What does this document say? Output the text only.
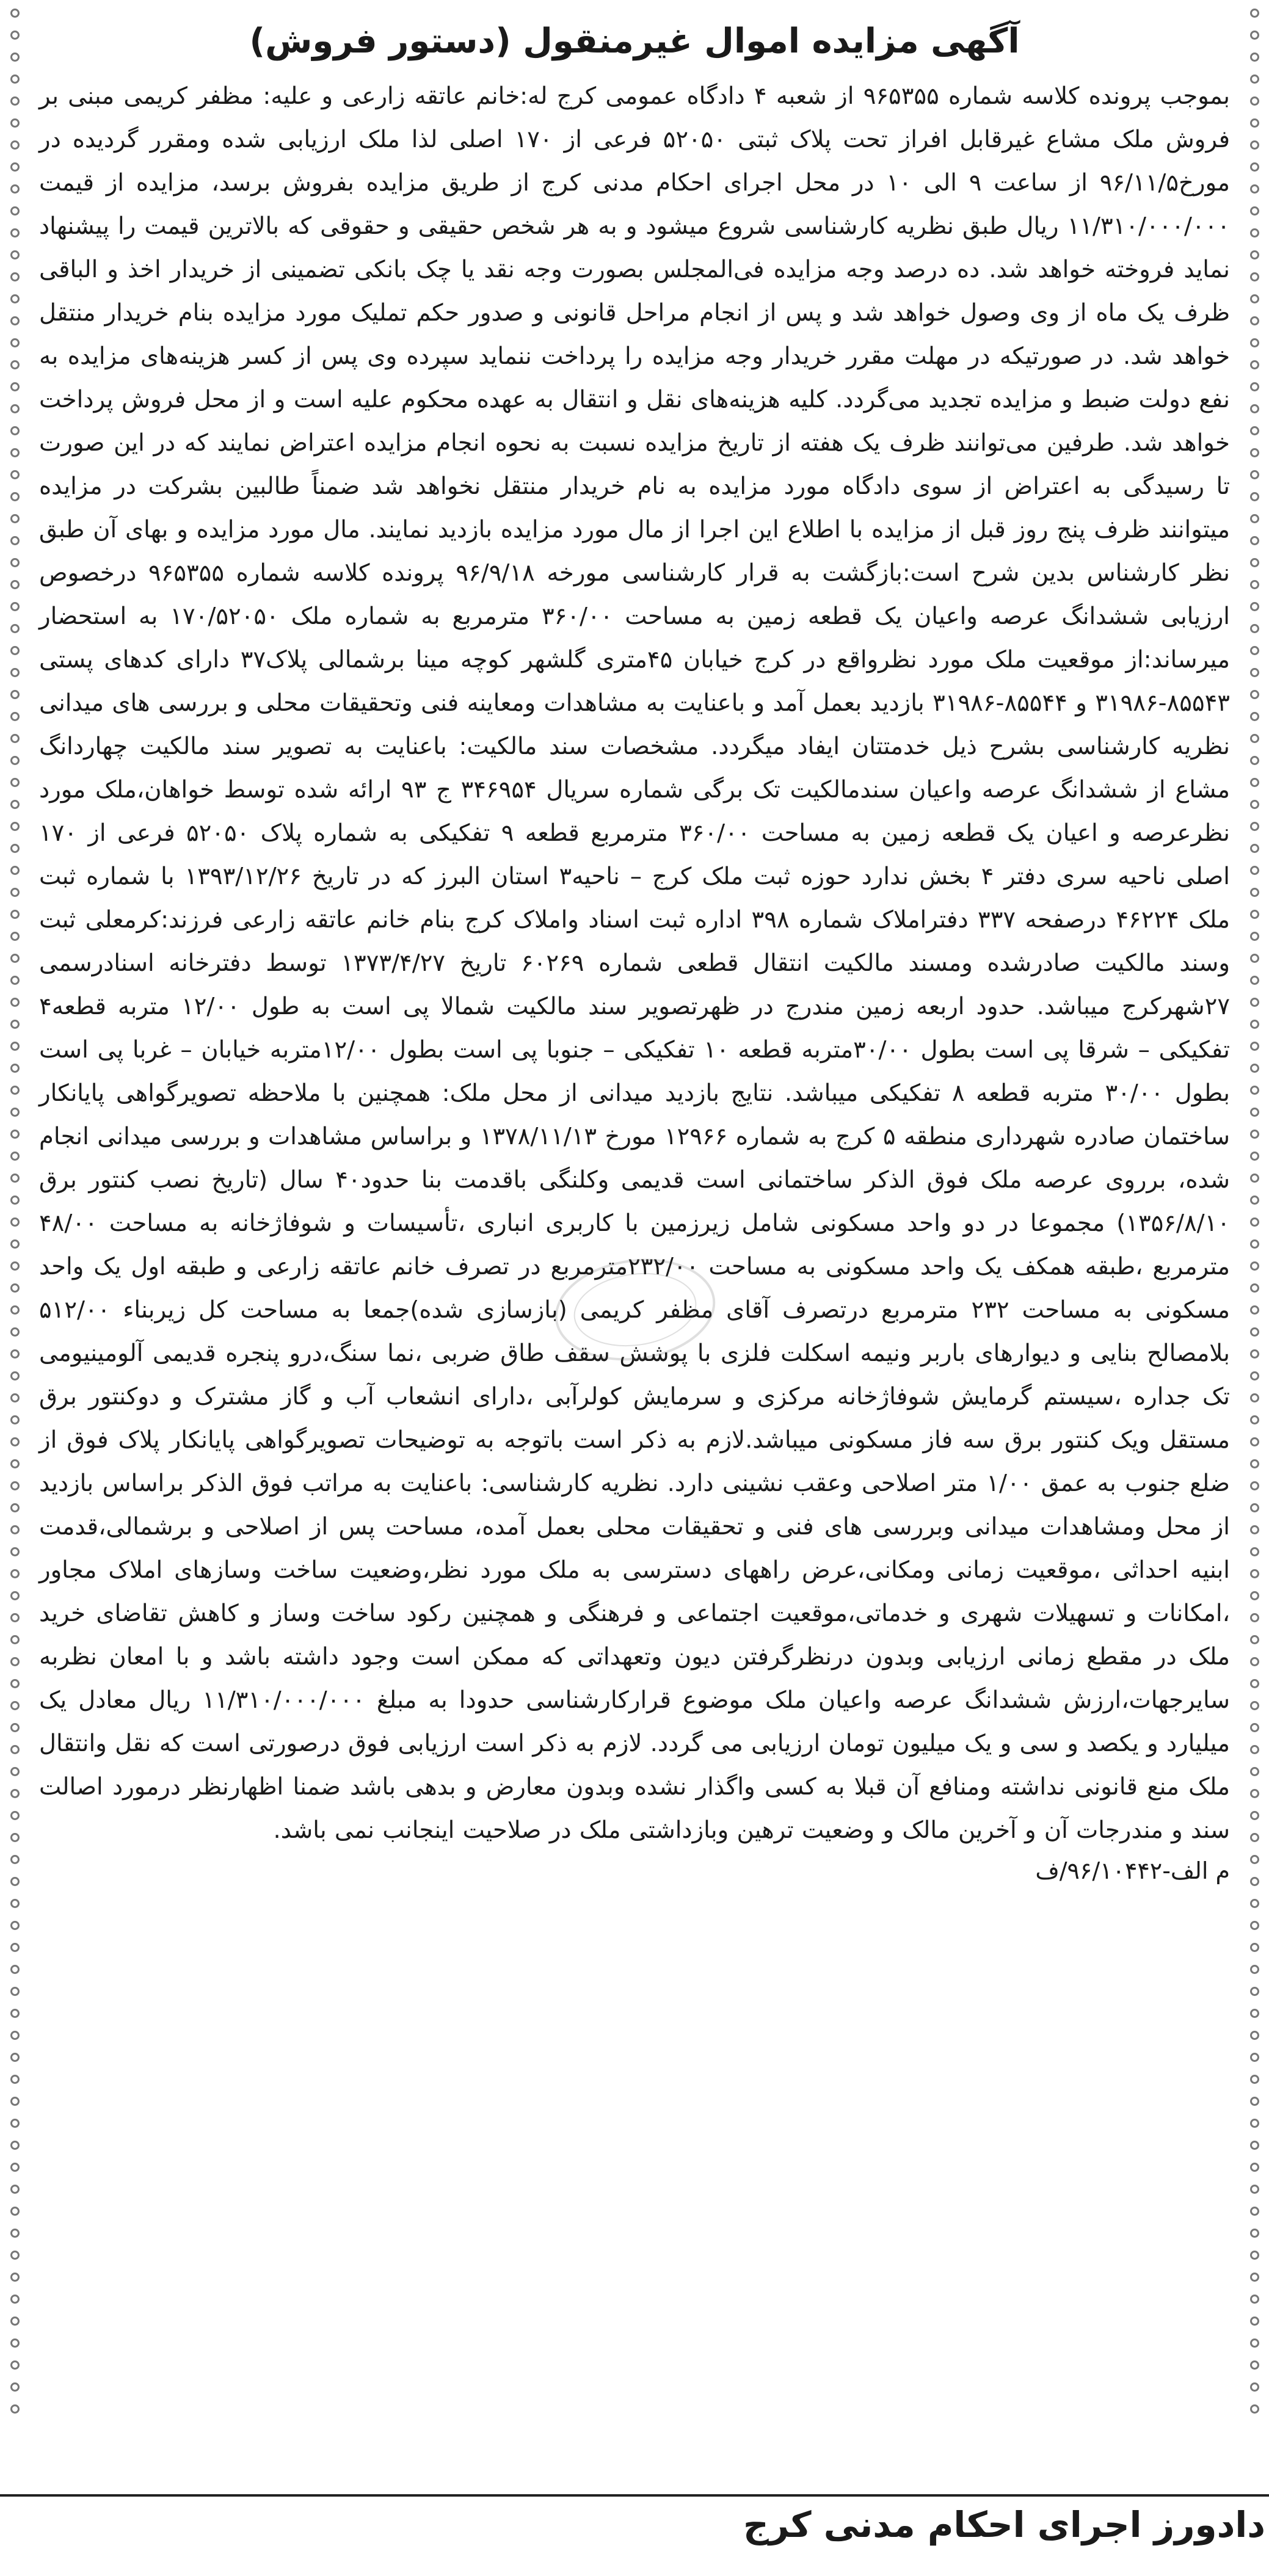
آگهی مزایده اموال غیرمنقول (دستور فروش)
بموجب پرونده کلاسه شماره ۹۶۵۳۵۵ از شعبه ۴ دادگاه عمومی کرج له:خانم عاتقه زارعی و علیه: مظفر کریمی مبنی بر فروش ملک مشاع غیرقابل افراز تحت پلاک ثبتی ۵۲۰۵۰ فرعی از ۱۷۰ اصلی لذا ملک ارزیابی شده ومقرر گردیده در مورخ۹۶/۱۱/۵ از ساعت ۹ الی ۱۰ در محل اجرای احکام مدنی کرج از طریق مزایده بفروش برسد، مزایده از قیمت ۱۱/۳۱۰/۰۰۰/۰۰۰ ریال طبق نظریه کارشناسی شروع میشود و به هر شخص حقیقی و حقوقی که بالاترین قیمت را پیشنهاد نماید فروخته خواهد شد. ده درصد وجه مزایده فی‌المجلس بصورت وجه نقد یا چک بانکی تضمینی از خریدار اخذ و الباقی ظرف یک ماه از وی وصول خواهد شد و پس از انجام مراحل قانونی و صدور حکم تملیک مورد مزایده بنام خریدار منتقل خواهد شد. در صورتیکه در مهلت مقرر خریدار وجه مزایده را پرداخت ننماید سپرده وی پس از کسر هزینه‌های مزایده به نفع دولت ضبط و مزایده تجدید می‌گردد. کلیه هزینه‌های نقل و انتقال به عهده محکوم علیه است و از محل فروش پرداخت خواهد شد. طرفین می‌توانند ظرف یک هفته از تاریخ مزایده نسبت به نحوه انجام مزایده اعتراض نمایند که در این صورت تا رسیدگی به اعتراض از سوی دادگاه مورد مزایده به نام خریدار منتقل نخواهد شد ضمناً طالبین بشرکت در مزایده میتوانند ظرف پنج روز قبل از مزایده با اطلاع این اجرا از مال مورد مزایده بازدید نمایند. مال مورد مزایده و بهای آن طبق نظر کارشناس بدین شرح است:بازگشت به قرار کارشناسی مورخه ۹۶/۹/۱۸ پرونده کلاسه شماره ۹۶۵۳۵۵ درخصوص ارزیابی ششدانگ عرصه واعیان یک قطعه زمین به مساحت ۳۶۰/۰۰ مترمربع به شماره ملک ۱۷۰/۵۲۰۵۰ به استحضار میرساند:از موقعیت ملک مورد نظرواقع در کرج خیابان ۴۵متری گلشهر کوچه مینا برشمالی پلاک۳۷ دارای کدهای پستی ۸۵۵۴۳-۳۱۹۸۶ و ۸۵۵۴۴-۳۱۹۸۶ بازدید بعمل آمد و باعنایت به مشاهدات ومعاینه فنی وتحقیقات محلی و بررسی های میدانی نظریه کارشناسی بشرح ذیل خدمتتان ایفاد میگردد. مشخصات سند مالکیت: باعنایت به تصویر سند مالکیت چهاردانگ مشاع از ششدانگ عرصه واعیان سندمالکیت تک برگی شماره سریال ۳۴۶۹۵۴ ج ۹۳ ارائه شده توسط خواهان،ملک مورد نظرعرصه و اعیان یک قطعه زمین به مساحت ۳۶۰/۰۰ مترمربع قطعه ۹ تفکیکی به شماره پلاک ۵۲۰۵۰ فرعی از ۱۷۰ اصلی ناحیه سری دفتر ۴ بخش ندارد حوزه ثبت ملک کرج – ناحیه۳ استان البرز که در تاریخ ۱۳۹۳/۱۲/۲۶ با شماره ثبت ملک ۴۶۲۲۴ درصفحه ۳۳۷ دفتراملاک شماره ۳۹۸ اداره ثبت اسناد واملاک کرج بنام خانم عاتقه زارعی فرزند:کرمعلی ثبت وسند مالکیت صادرشده ومسند مالکیت انتقال قطعی شماره ۶۰۲۶۹ تاریخ ۱۳۷۳/۴/۲۷ توسط دفترخانه اسنادرسمی ۲۷شهرکرج میباشد. حدود اربعه زمین مندرج در ظهرتصویر سند مالکیت شمالا پی است به طول ۱۲/۰۰ متربه قطعه۴ تفکیکی – شرقا پی است بطول ۳۰/۰۰متربه قطعه ۱۰ تفکیکی – جنوبا پی است بطول ۱۲/۰۰متربه خیابان – غربا پی است بطول ۳۰/۰۰ متربه قطعه ۸ تفکیکی میباشد. نتایج بازدید میدانی از محل ملک: همچنین با ملاحظه تصویرگواهی پایانکار ساختمان صادره شهرداری منطقه ۵ کرج به شماره ۱۲۹۶۶ مورخ ۱۳۷۸/۱۱/۱۳ و براساس مشاهدات و بررسی میدانی انجام شده، برروی عرصه ملک فوق الذکر ساختمانی است قدیمی وکلنگی باقدمت بنا حدود۴۰ سال (تاریخ نصب کنتور برق ۱۳۵۶/۸/۱۰) مجموعا در دو واحد مسکونی شامل زیرزمین با کاربری انباری ،تأسیسات و شوفاژخانه به مساحت ۴۸/۰۰ مترمربع ،طبقه همکف یک واحد مسکونی به مساحت ۲۳۲/۰۰مترمربع در تصرف خانم عاتقه زارعی و طبقه اول یک واحد مسکونی به مساحت ۲۳۲ مترمربع درتصرف آقای مظفر کریمی (بازسازی شده)جمعا به مساحت کل زیربناء ۵۱۲/۰۰ بلامصالح بنایی و دیوارهای باربر ونیمه اسکلت فلزی با پوشش سقف طاق ضربی ،نما سنگ،درو پنجره قدیمی آلومینیومی تک جداره ،سیستم گرمایش شوفاژخانه مرکزی و سرمایش کولرآبی ،دارای انشعاب آب و گاز مشترک و دوکنتور برق مستقل ویک کنتور برق سه فاز مسکونی میباشد.لازم به ذکر است باتوجه به توضیحات تصویرگواهی پایانکار پلاک فوق از ضلع جنوب به عمق ۱/۰۰ متر اصلاحی وعقب نشینی دارد. نظریه کارشناسی: باعنایت به مراتب فوق الذکر براساس بازدید از محل ومشاهدات میدانی وبررسی های فنی و تحقیقات محلی بعمل آمده، مساحت پس از اصلاحی و برشمالی،قدمت ابنیه احداثی ،موقعیت زمانی ومکانی،عرض راههای دسترسی به ملک مورد نظر،وضعیت ساخت وسازهای املاک مجاور ،امکانات و تسهیلات شهری و خدماتی،موقعیت اجتماعی و فرهنگی و همچنین رکود ساخت وساز و کاهش تقاضای خرید ملک در مقطع زمانی ارزیابی وبدون درنظرگرفتن دیون وتعهداتی که ممکن است وجود داشته باشد و با امعان نظربه سایرجهات،ارزش ششدانگ عرصه واعیان ملک موضوع قرارکارشناسی حدودا به مبلغ ۱۱/۳۱۰/۰۰۰/۰۰۰ ریال معادل یک میلیارد و یکصد و سی و یک میلیون تومان ارزیابی می گردد. لازم به ذکر است ارزیابی فوق درصورتی است که نقل وانتقال ملک منع قانونی نداشته ومنافع آن قبلا به کسی واگذار نشده وبدون معارض و بدهی باشد ضمنا اظهارنظر درمورد اصالت سند و مندرجات آن و آخرین مالک و وضعیت ترهین وبازداشتی ملک در صلاحیت اینجانب نمی باشد.
م الف-۹۶/۱۰۴۴۲/ف
دادورز اجرای احکام مدنی کرج
